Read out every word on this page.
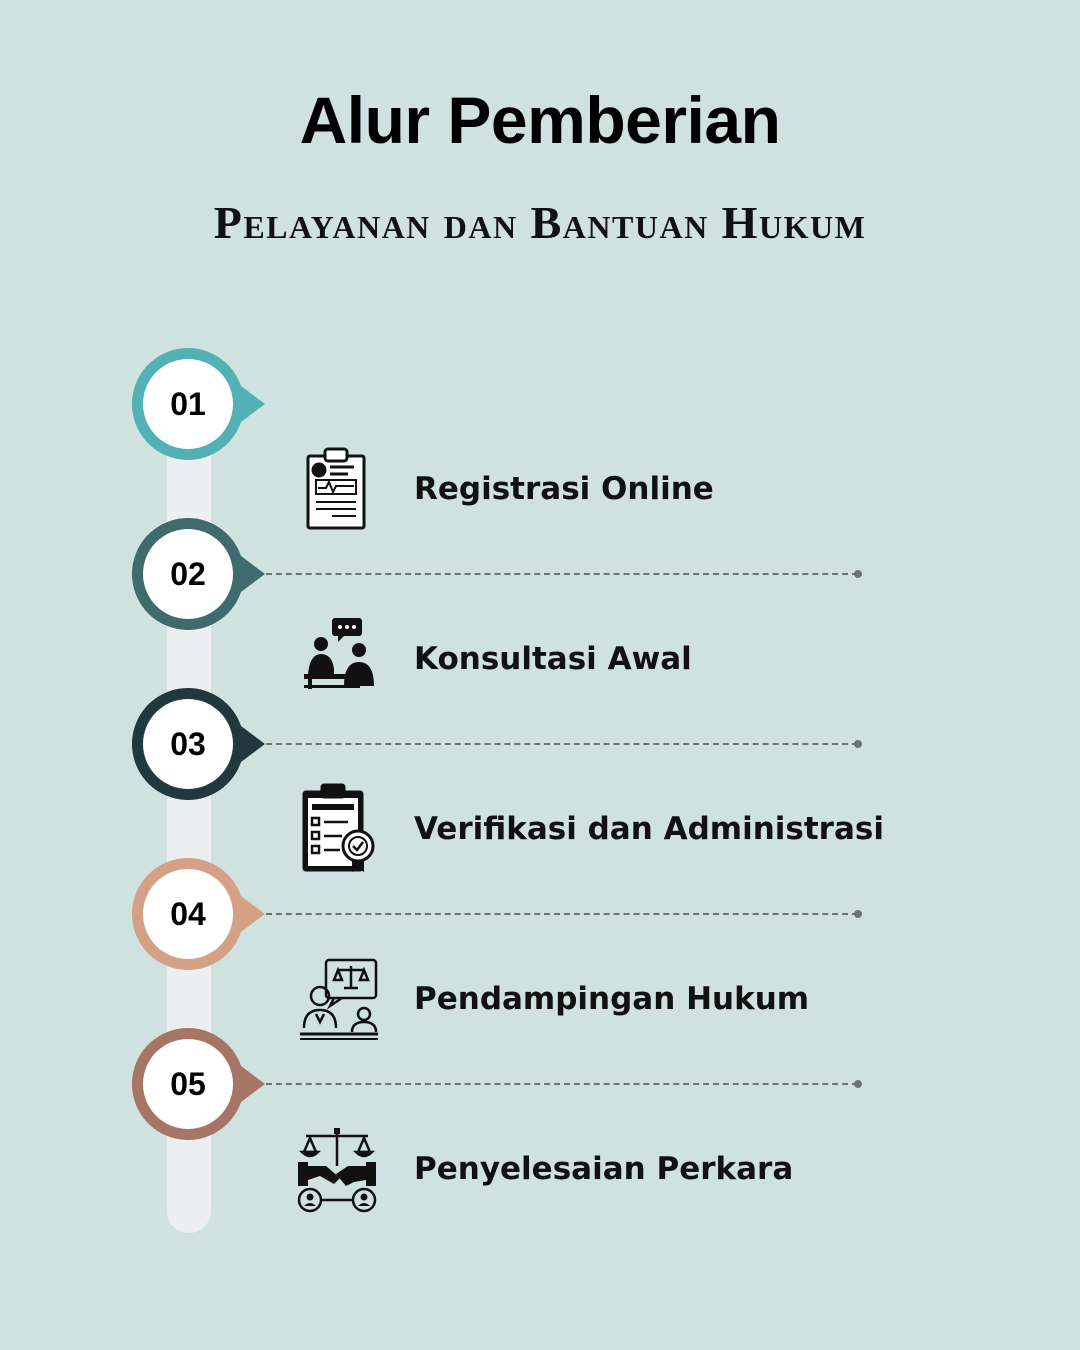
Alur Pemberian
Pelayanan dan Bantuan Hukum
01
Registrasi Online
02
Konsultasi Awal
03
Verifikasi dan Administrasi
04
Pendampingan Hukum
05
Penyelesaian Perkara
